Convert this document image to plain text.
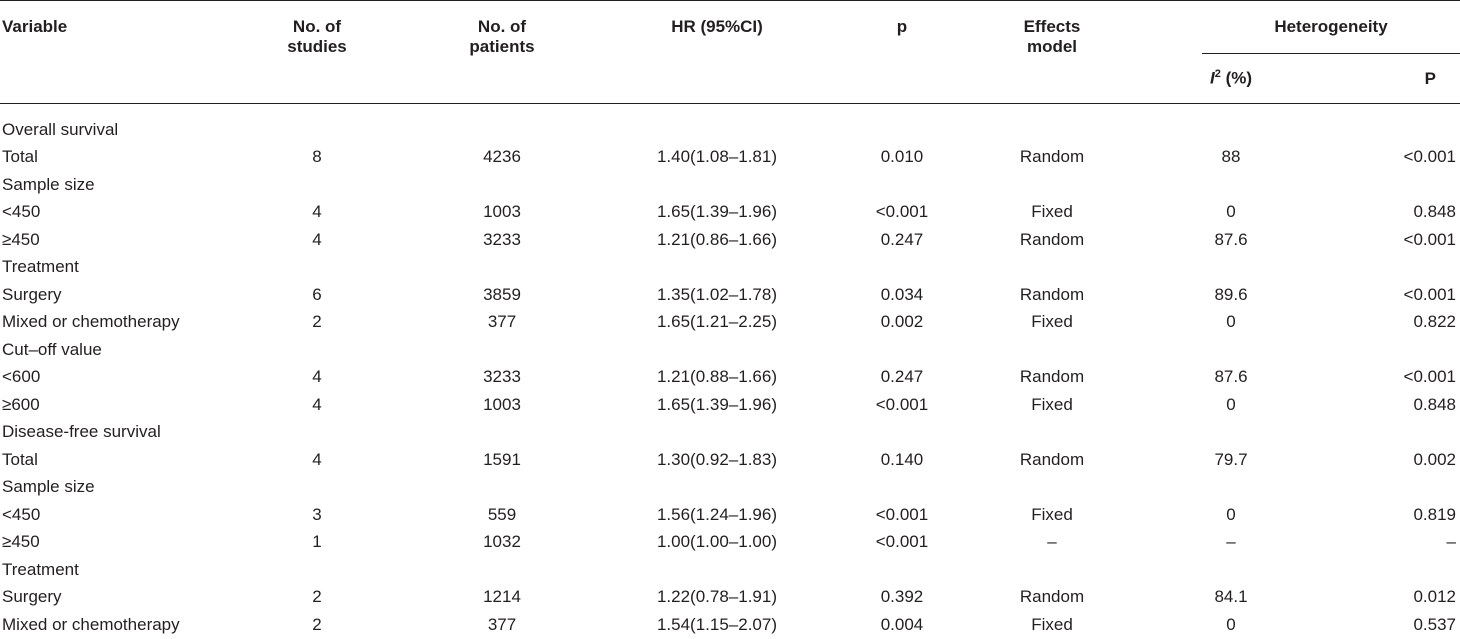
Variable	No. of studies	No. of patients	HR (95%CI)	p	Effects model	Heterogeneity	

						$I^2$ (%)	P
Overall survival							
Total	8	4236	1.40(1.08–1.81)	0.010	Random	88	<0.001
Sample size							
<450	4	1003	1.65(1.39–1.96)	<0.001	Fixed	0	0.848
≥450	4	3233	1.21(0.86–1.66)	0.247	Random	87.6	<0.001
Treatment							
Surgery	6	3859	1.35(1.02–1.78)	0.034	Random	89.6	<0.001
Mixed or chemotherapy	2	377	1.65(1.21–2.25)	0.002	Fixed	0	0.822
Cut–off value							
<600	4	3233	1.21(0.88–1.66)	0.247	Random	87.6	<0.001
≥600	4	1003	1.65(1.39–1.96)	<0.001	Fixed	0	0.848
Disease-free survival							
Total	4	1591	1.30(0.92–1.83)	0.140	Random	79.7	0.002
Sample size							
<450	3	559	1.56(1.24–1.96)	<0.001	Fixed	0	0.819
≥450	1	1032	1.00(1.00–1.00)	<0.001	–	–	–
Treatment							
Surgery	2	1214	1.22(0.78–1.91)	0.392	Random	84.1	0.012
Mixed or chemotherapy	2	377	1.54(1.15–2.07)	0.004	Fixed	0	0.537
